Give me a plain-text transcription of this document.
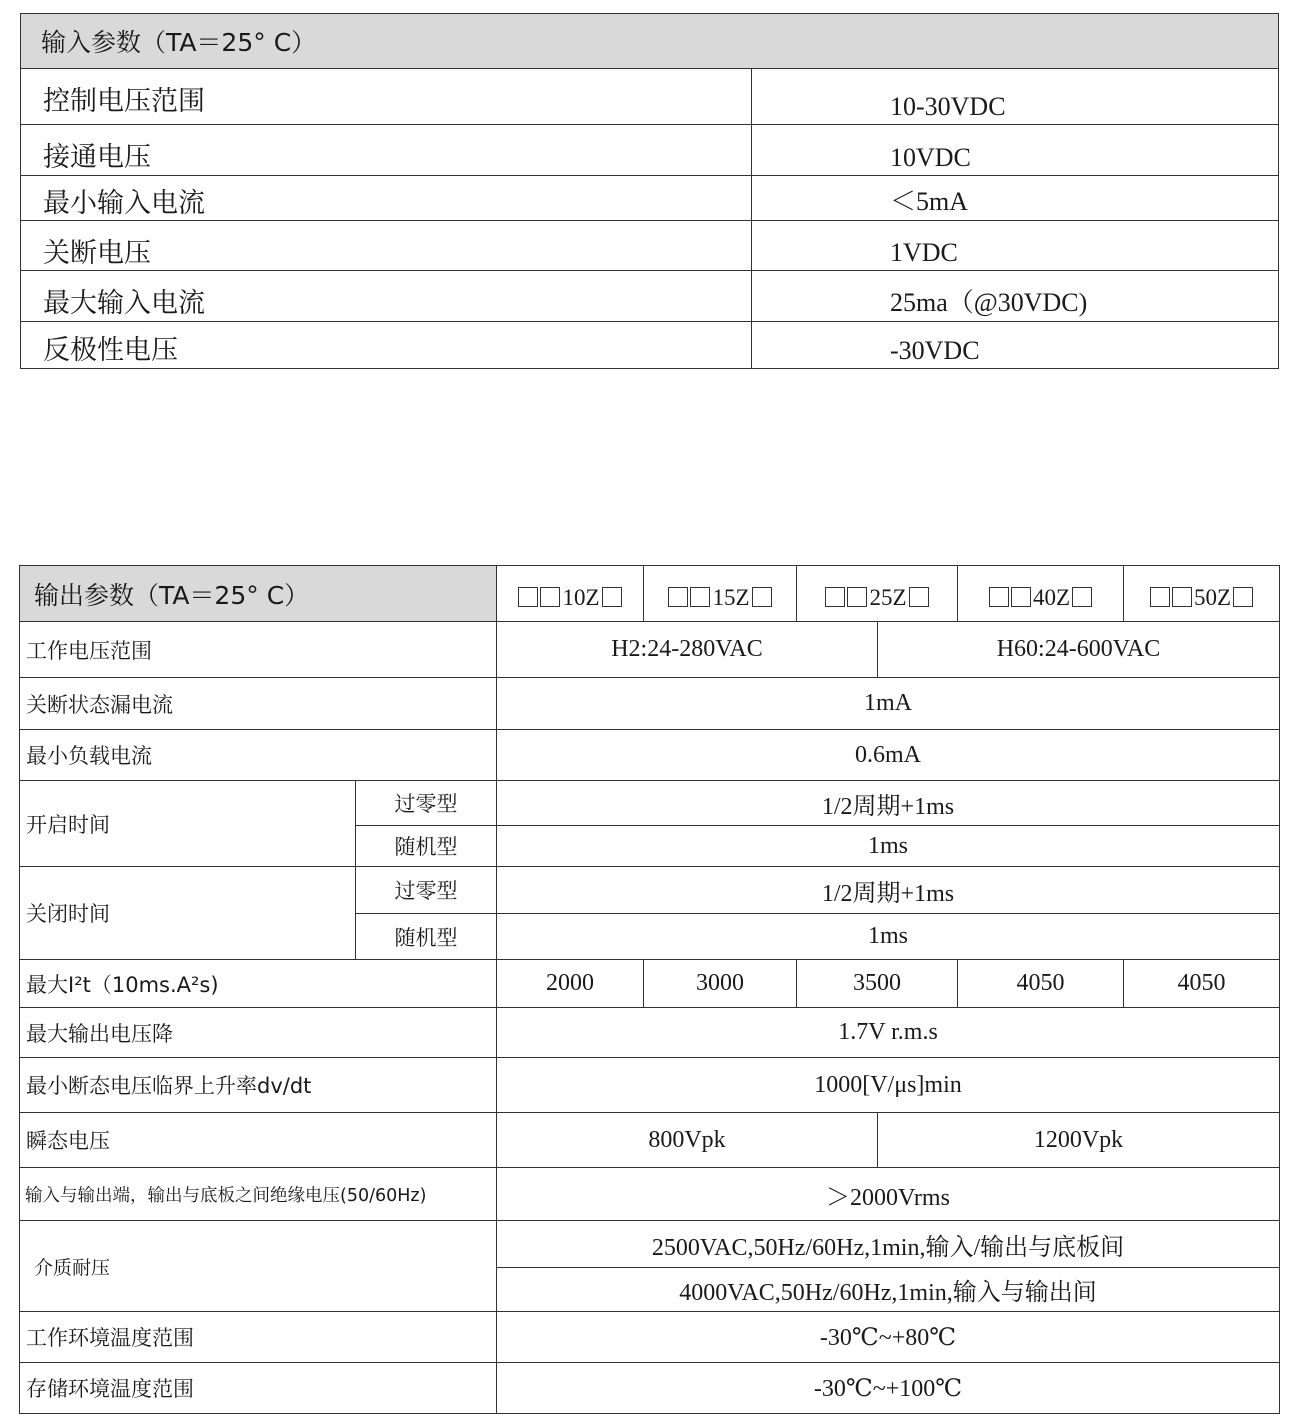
输入参数（TA＝25° C）	
控制电压范围	10-30VDC
接通电压	10VDC
最小输入电流	＜5mA
关断电压	1VDC
最大输入电流	25ma（@30VDC)
反极性电压	-30VDC
输出参数（TA＝25° C）		10Z	15Z	25Z		40Z	50Z
工作电压范围		H2:24-280VAC			H60:24-600VAC		
关断状态漏电流		1mA					
最小负载电流		0.6mA					
开启时间	过零型	1/2周期+1ms					
	随机型	1ms					
关闭时间	过零型	1/2周期+1ms					
	随机型	1ms					
最大I²t（10ms.A²s)		2000	3000	3500		4050	4050
最大输出电压降		1.7V r.m.s					
最小断态电压临界上升率dv/dt		1000[V/μs]min					
瞬态电压		800Vpk			1200Vpk		
输入与输出端，输出与底板之间绝缘电压(50/60Hz)		＞2000Vrms					
介质耐压		2500VAC,50Hz/60Hz,1min,输入/输出与底板间					
		4000VAC,50Hz/60Hz,1min,输入与输出间					
工作环境温度范围		-30℃~+80℃					
存储环境温度范围		-30℃~+100℃					
